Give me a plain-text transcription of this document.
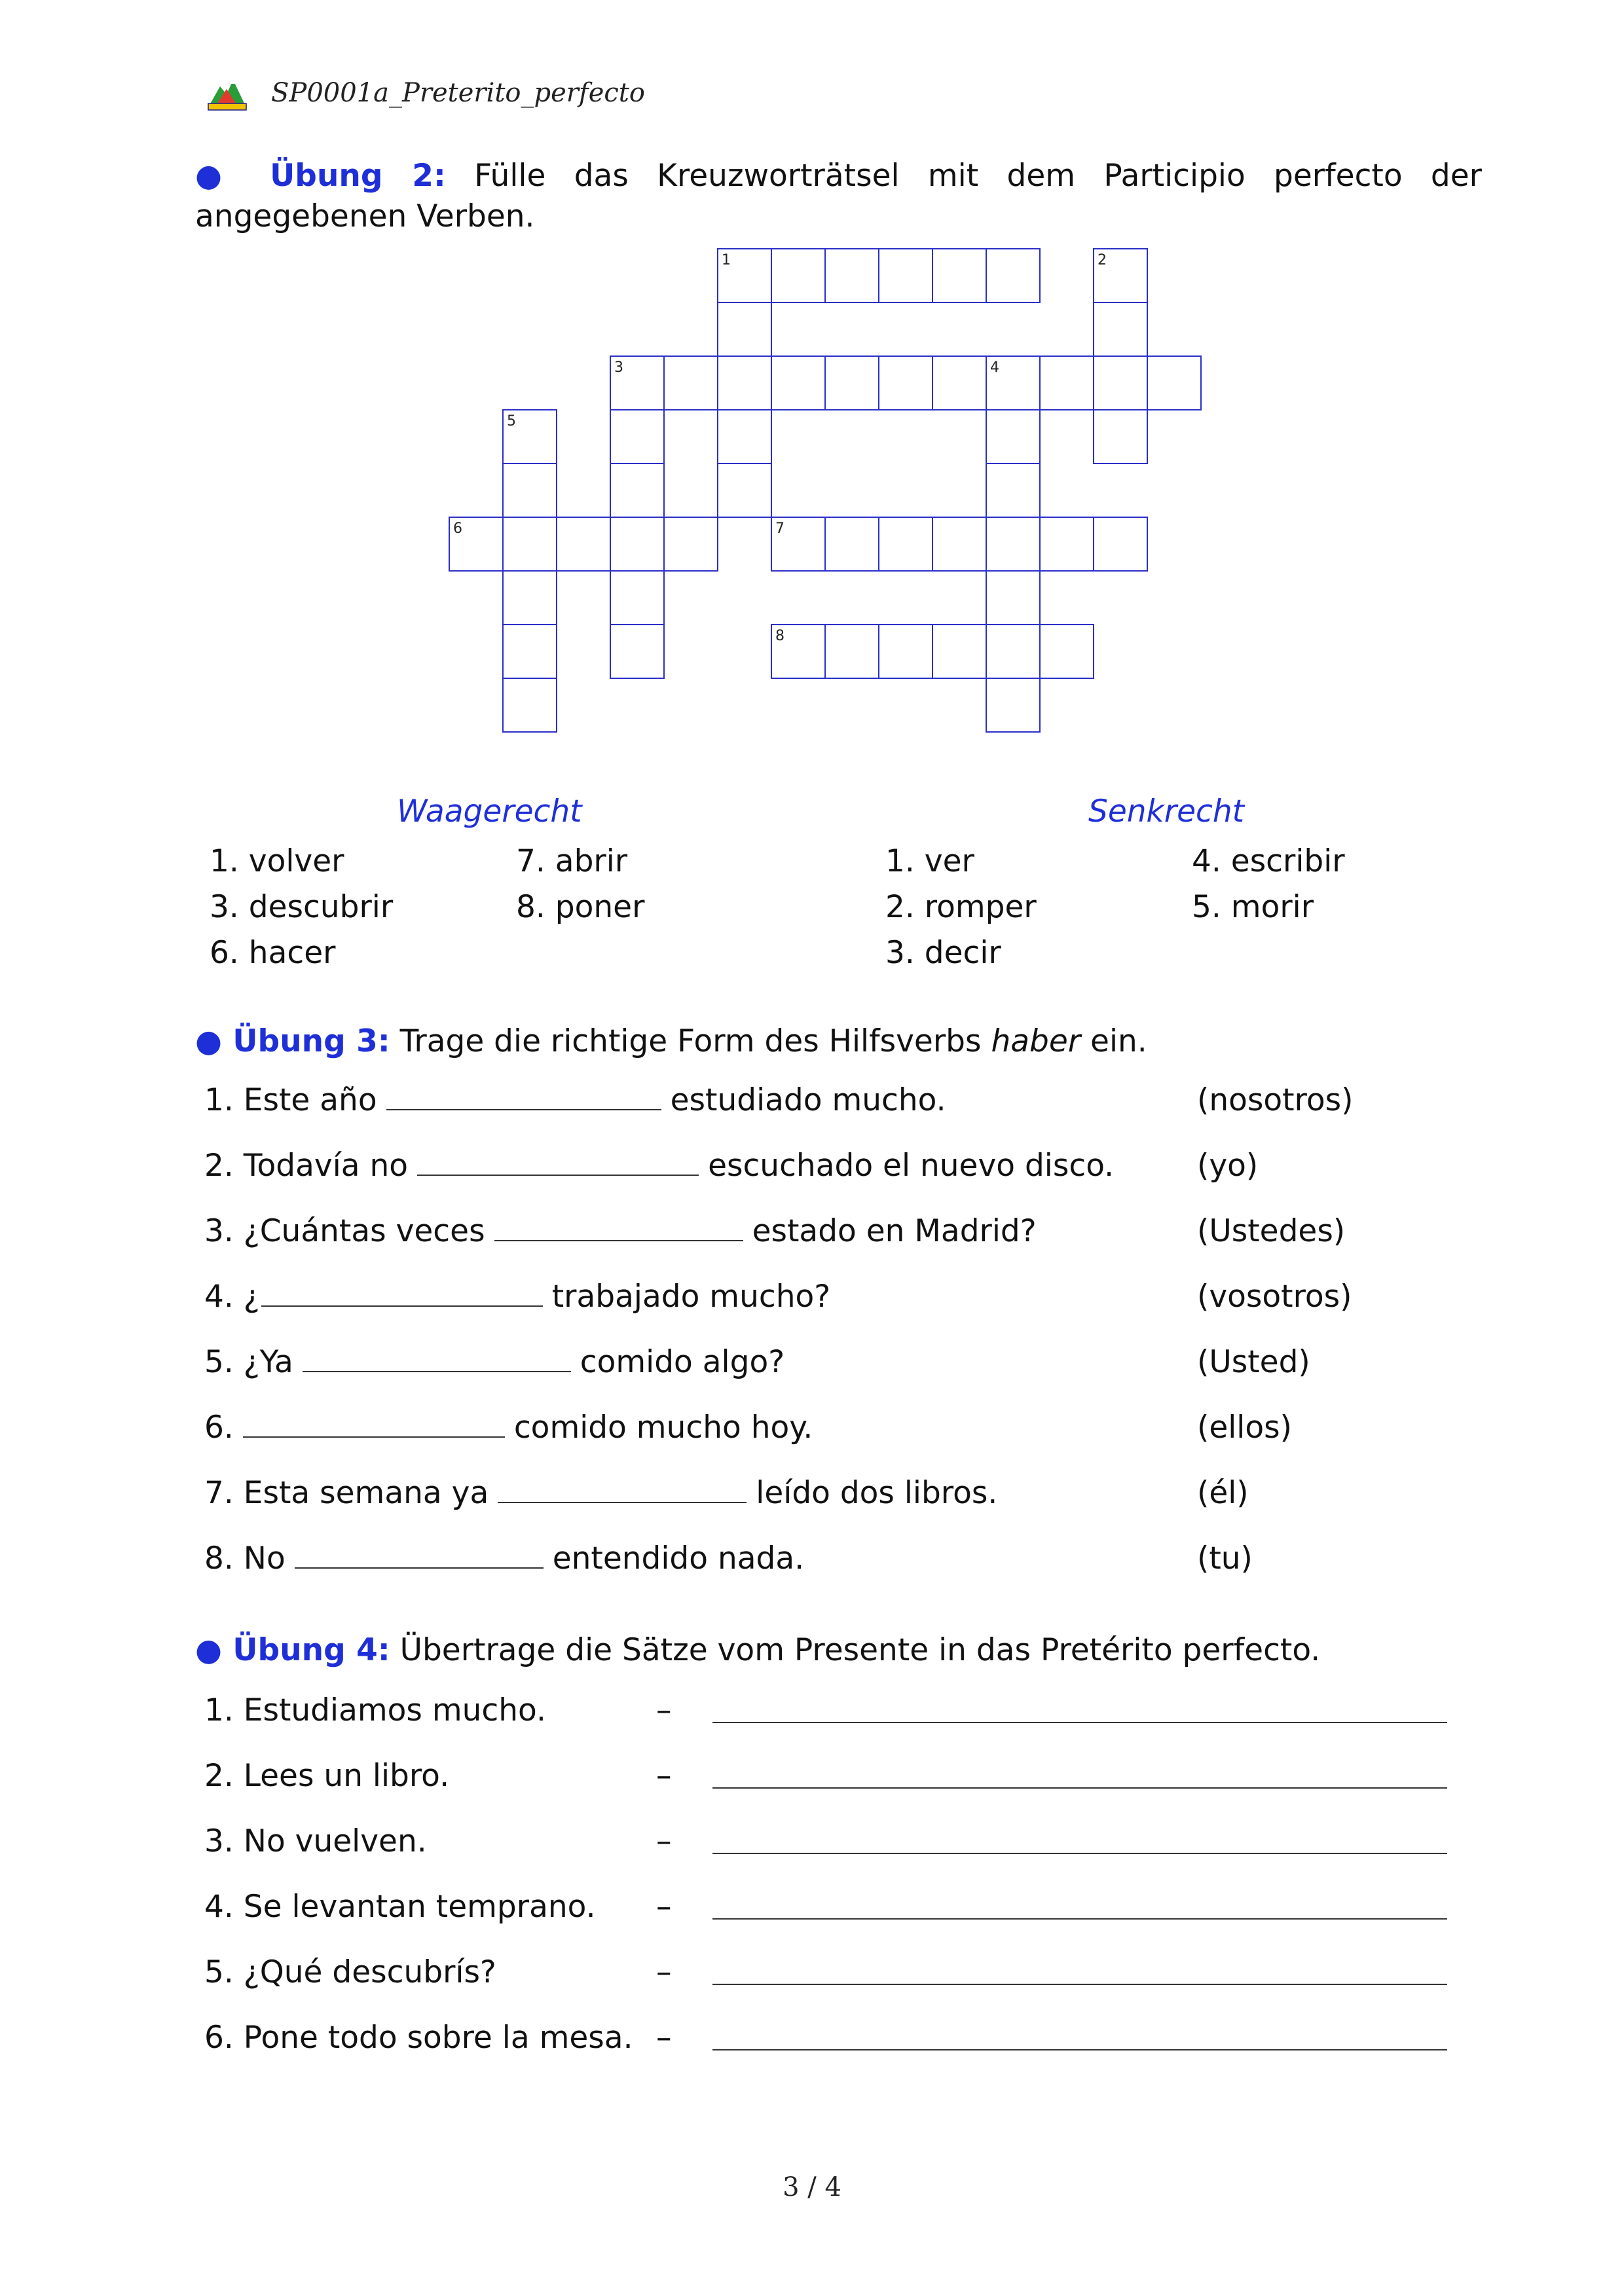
SP0001a_Preterito_perfecto
● Übung 2: Fülle das Kreuzworträtsel mit dem Participio perfecto der angegebenen Verben.
1	2
3	4
5
6	7
8
Waagerecht	Senkrecht
1. volver
3. descubrir
6. hacer
7. abrir
8. poner
1. ver
2. romper
3. decir
4. escribir
5. morir
● Übung 3: Trage die richtige Form des Hilfsverbs haber ein.
1. Este año	estudiado mucho.	(nosotros)
2. Todavía no	escuchado el nuevo disco.	(yo)
3. ¿Cuántas veces	estado en Madrid?	(Ustedes)
4. ¿	trabajado mucho?	(vosotros)
5. ¿Ya	comido algo?	(Usted)
6.	comido mucho hoy.	(ellos)
7. Esta semana ya	leído dos libros.	(él)
8. No	entendido nada.	(tu)
● Übung 4: Übertrage die Sätze vom Presente in das Pretérito perfecto.
1. Estudiamos mucho.	–
2. Lees un libro.	–
3. No vuelven.	–
4. Se levantan temprano. –
5. ¿Qué descubrís?	–
6. Pone todo sobre la mesa. –
3 / 4
